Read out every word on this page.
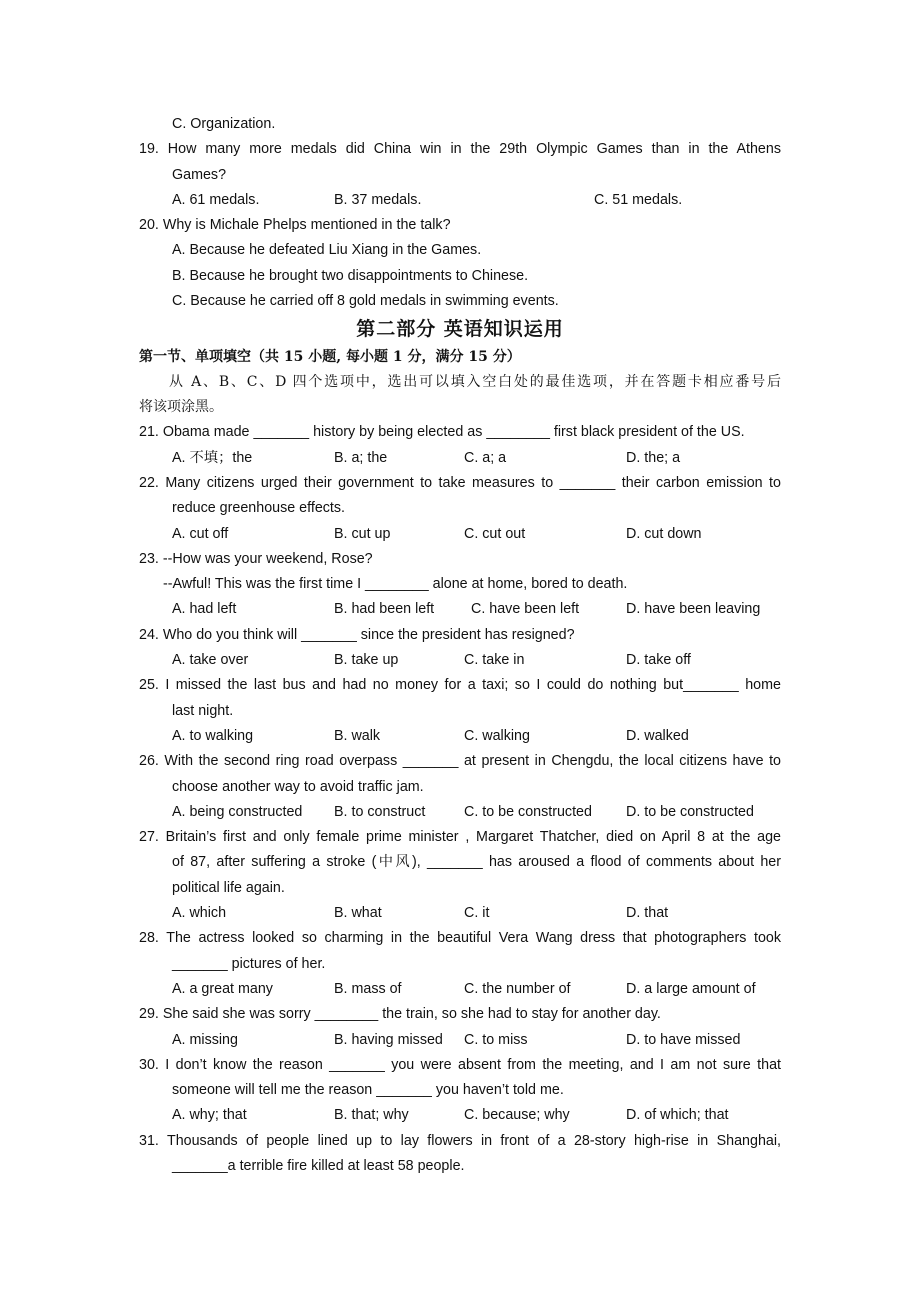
C. Organization.
19. How many more medals did China win in the 29th Olympic Games than in the Athens
Games?
A. 61 medals.	B. 37 medals.	C. 51 medals.
20. Why is Michale Phelps mentioned in the talk?
A. Because he defeated Liu Xiang in the Games.
B. Because he brought two disappointments to Chinese.
C. Because he carried off 8 gold medals in swimming events.
第二部分 英语知识运用
第一节、单项填空（共 15 小题, 每小题 1 分，满分 15 分）
从 A、B、C、D 四个选项中，选出可以填入空白处的最佳选项，并在答题卡相应番号后
将该项涂黑。
21. Obama made _______ history by being elected as ________ first black president of the US.
A. 不填；the	B. a; the	C. a; a	D. the; a
22. Many citizens urged their government to take measures to _______ their carbon emission to
reduce greenhouse effects.
A. cut off	B. cut up	C. cut out	D. cut down
23. --How was your weekend, Rose?
--Awful! This was the first time I ________ alone at home, bored to death.
A. had left	B. had been left	C. have been left	D. have been leaving
24. Who do you think will _______ since the president has resigned?
A. take over	B. take up	C. take in	D. take off
25. I missed the last bus and had no money for a taxi; so I could do nothing but_______ home
last night.
A. to walking	B. walk	C. walking	D. walked
26. With the second ring road overpass _______ at present in Chengdu, the local citizens have to
choose another way to avoid traffic jam.
A. being constructed B. to construct	C. to be constructed D. to be constructed
27. Britain’s first and only female prime minister , Margaret Thatcher, died on April 8 at the age
of 87, after suffering a stroke (中风), _______ has aroused a flood of comments about her
political life again.
A. which	B. what	C. it	D. that
28. The actress looked so charming in the beautiful Vera Wang dress that photographers took
_______ pictures of her.
A. a great many	B. mass of	C. the number of	D. a large amount of
29. She said she was sorry ________ the train, so she had to stay for another day.
A. missing	B. having missed C. to miss	D. to have missed
30. I don’t know the reason _______ you were absent from the meeting, and I am not sure that
someone will tell me the reason _______ you haven’t told me.
A. why; that	B. that; why	C. because; why	D. of which; that
31. Thousands of people lined up to lay flowers in front of a 28-story high-rise in Shanghai,
_______a terrible fire killed at least 58 people.
